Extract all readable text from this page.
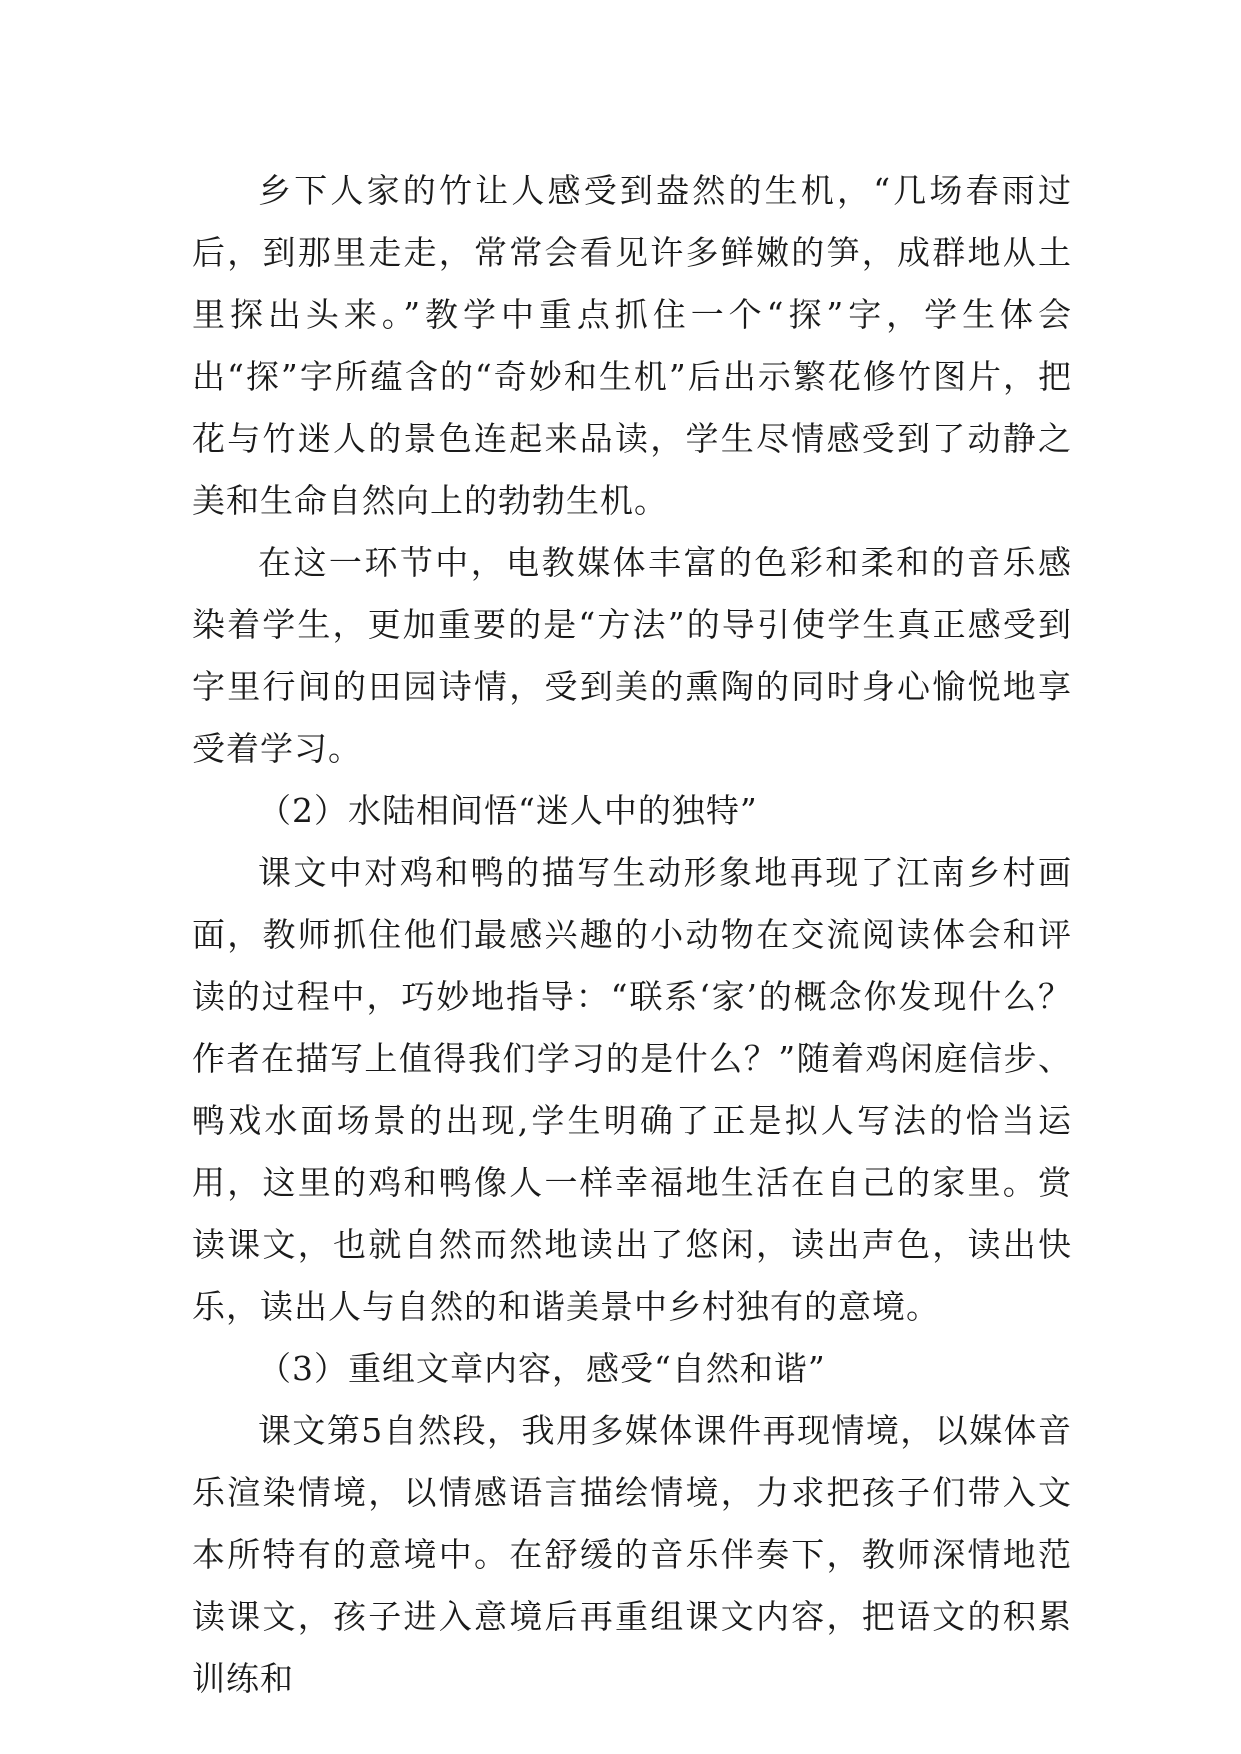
乡下人家的竹让人感受到盎然的生机，“几场春雨过后，到那里走走，常常会看见许多鲜嫩的笋，成群地从土里探出头来。”教学中重点抓住一个“探”字，学生体会出“探”字所蕴含的“奇妙和生机”后出示繁花修竹图片，把花与竹迷人的景色连起来品读，学生尽情感受到了动静之美和生命自然向上的勃勃生机。

在这一环节中，电教媒体丰富的色彩和柔和的音乐感染着学生，更加重要的是“方法”的导引使学生真正感受到字里行间的田园诗情，受到美的熏陶的同时身心愉悦地享受着学习。

（2）水陆相间悟“迷人中的独特”

课文中对鸡和鸭的描写生动形象地再现了江南乡村画面，教师抓住他们最感兴趣的小动物在交流阅读体会和评读的过程中，巧妙地指导：“联系‘家’的概念你发现什么？作者在描写上值得我们学习的是什么？”随着鸡闲庭信步、鸭戏水面场景的出现,学生明确了正是拟人写法的恰当运用，这里的鸡和鸭像人一样幸福地生活在自己的家里。赏读课文，也就自然而然地读出了悠闲，读出声色，读出快乐，读出人与自然的和谐美景中乡村独有的意境。

（3）重组文章内容，感受“自然和谐”

课文第5自然段，我用多媒体课件再现情境，以媒体音乐渲染情境，以情感语言描绘情境，力求把孩子们带入文本所特有的意境中。在舒缓的音乐伴奏下，教师深情地范读课文，孩子进入意境后再重组课文内容，把语文的积累训练和
